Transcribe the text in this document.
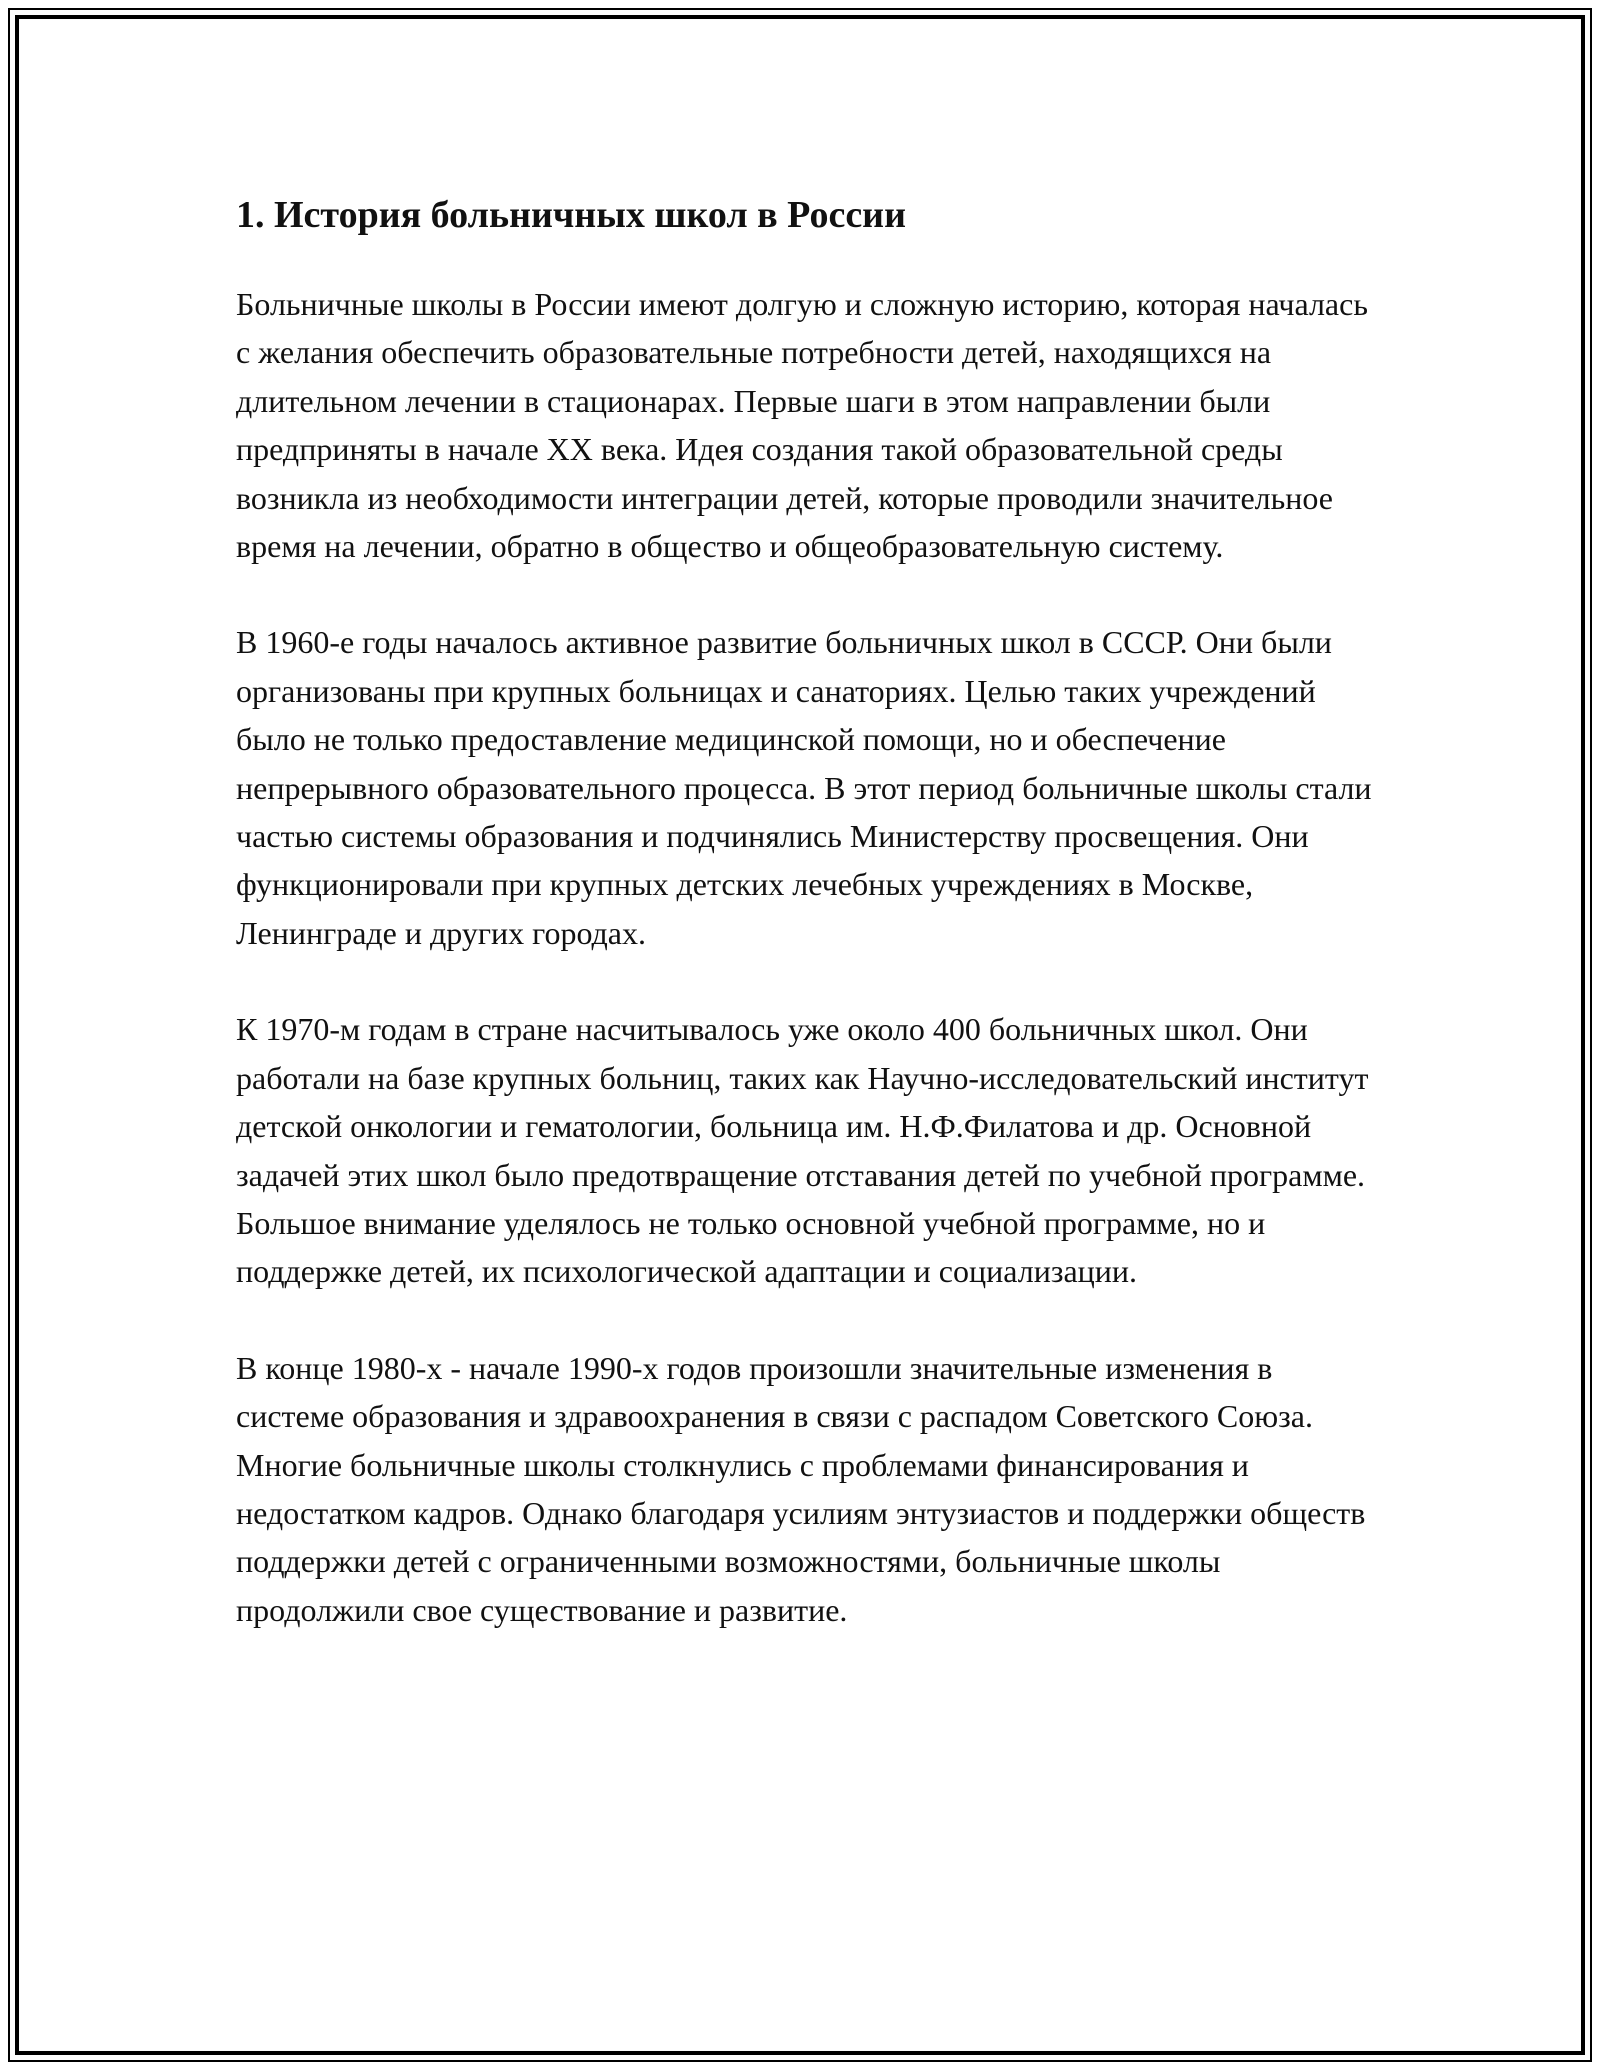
1. История больничных школ в России

Больничные школы в России имеют долгую и сложную историю, которая началась с желания обеспечить образовательные потребности детей, находящихся на длительном лечении в стационарах. Первые шаги в этом направлении были предприняты в начале XX века. Идея создания такой образовательной среды возникла из необходимости интеграции детей, которые проводили значительное время на лечении, обратно в общество и общеобразовательную систему.

В 1960-е годы началось активное развитие больничных школ в СССР. Они были организованы при крупных больницах и санаториях. Целью таких учреждений было не только предоставление медицинской помощи, но и обеспечение непрерывного образовательного процесса. В этот период больничные школы стали частью системы образования и подчинялись Министерству просвещения. Они функционировали при крупных детских лечебных учреждениях в Москве, Ленинграде и других городах.

К 1970-м годам в стране насчитывалось уже около 400 больничных школ. Они работали на базе крупных больниц, таких как Научно-исследовательский институт детской онкологии и гематологии, больница им. Н.Ф.Филатова и др. Основной задачей этих школ было предотвращение отставания детей по учебной программе. Большое внимание уделялось не только основной учебной программе, но и поддержке детей, их психологической адаптации и социализации.

В конце 1980-х - начале 1990-х годов произошли значительные изменения в системе образования и здравоохранения в связи с распадом Советского Союза. Многие больничные школы столкнулись с проблемами финансирования и недостатком кадров. Однако благодаря усилиям энтузиастов и поддержки обществ поддержки детей с ограниченными возможностями, больничные школы продолжили свое существование и развитие.
